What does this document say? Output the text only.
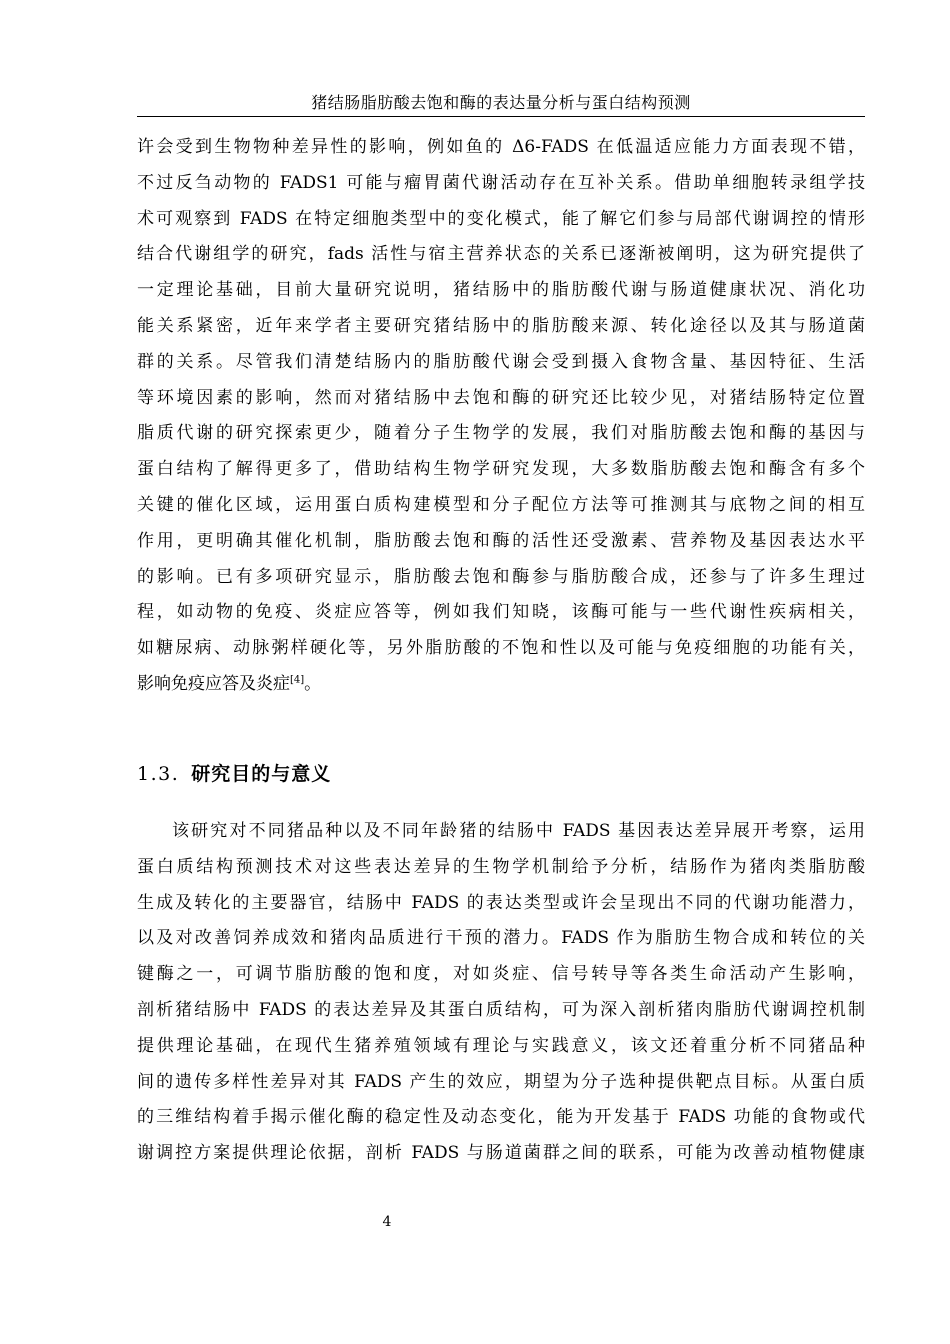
猪结肠脂肪酸去饱和酶的表达量分析与蛋白结构预测
许会受到生物物种差异性的影响，例如鱼的 Δ6-FADS 在低温适应能力方面表现不错，
不过反刍动物的 FADS1 可能与瘤胃菌代谢活动存在互补关系。借助单细胞转录组学技
术可观察到 FADS 在特定细胞类型中的变化模式，能了解它们参与局部代谢调控的情形
结合代谢组学的研究，fads 活性与宿主营养状态的关系已逐渐被阐明，这为研究提供了
一定理论基础，目前大量研究说明，猪结肠中的脂肪酸代谢与肠道健康状况、消化功
能关系紧密，近年来学者主要研究猪结肠中的脂肪酸来源、转化途径以及其与肠道菌
群的关系。尽管我们清楚结肠内的脂肪酸代谢会受到摄入食物含量、基因特征、生活
等环境因素的影响，然而对猪结肠中去饱和酶的研究还比较少见，对猪结肠特定位置
脂质代谢的研究探索更少，随着分子生物学的发展，我们对脂肪酸去饱和酶的基因与
蛋白结构了解得更多了，借助结构生物学研究发现，大多数脂肪酸去饱和酶含有多个
关键的催化区域，运用蛋白质构建模型和分子配位方法等可推测其与底物之间的相互
作用，更明确其催化机制，脂肪酸去饱和酶的活性还受激素、营养物及基因表达水平
的影响。已有多项研究显示，脂肪酸去饱和酶参与脂肪酸合成，还参与了许多生理过
程，如动物的免疫、炎症应答等，例如我们知晓，该酶可能与一些代谢性疾病相关，
如糖尿病、动脉粥样硬化等，另外脂肪酸的不饱和性以及可能与免疫细胞的功能有关，
影响免疫应答及炎症[4]。
1.3. 研究目的与意义
该研究对不同猪品种以及不同年龄猪的结肠中 FADS 基因表达差异展开考察，运用
蛋白质结构预测技术对这些表达差异的生物学机制给予分析，结肠作为猪肉类脂肪酸
生成及转化的主要器官，结肠中 FADS 的表达类型或许会呈现出不同的代谢功能潜力，
以及对改善饲养成效和猪肉品质进行干预的潜力。FADS 作为脂肪生物合成和转位的关
键酶之一，可调节脂肪酸的饱和度，对如炎症、信号转导等各类生命活动产生影响，
剖析猪结肠中 FADS 的表达差异及其蛋白质结构，可为深入剖析猪肉脂肪代谢调控机制
提供理论基础，在现代生猪养殖领域有理论与实践意义，该文还着重分析不同猪品种
间的遗传多样性差异对其 FADS 产生的效应，期望为分子选种提供靶点目标。从蛋白质
的三维结构着手揭示催化酶的稳定性及动态变化，能为开发基于 FADS 功能的食物或代
谢调控方案提供理论依据，剖析 FADS 与肠道菌群之间的联系，可能为改善动植物健康
4
